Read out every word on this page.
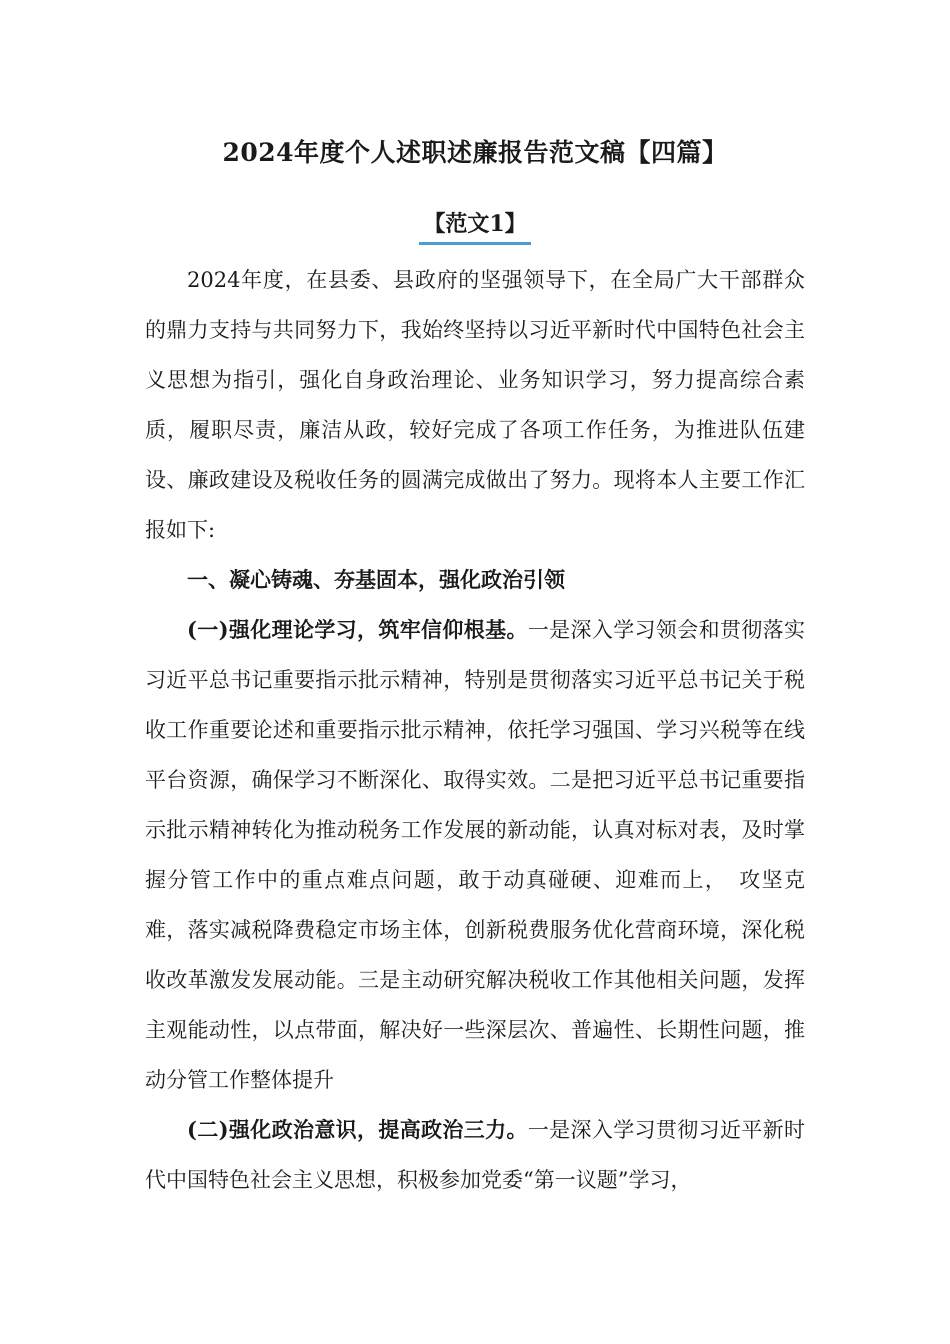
2024年度个人述职述廉报告范文稿【四篇】
【范文1】

2024年度，在县委、县政府的坚强领导下，在全局广大干部群众的鼎力支持与共同努力下，我始终坚持以习近平新时代中国特色社会主义思想为指引，强化自身政治理论、业务知识学习，努力提高综合素质，履职尽责，廉洁从政，较好完成了各项工作任务，为推进队伍建设、廉政建设及税收任务的圆满完成做出了努力。现将本人主要工作汇报如下:

一、凝心铸魂、夯基固本，强化政治引领

(一)强化理论学习，筑牢信仰根基。一是深入学习领会和贯彻落实习近平总书记重要指示批示精神，特别是贯彻落实习近平总书记关于税收工作重要论述和重要指示批示精神，依托学习强国、学习兴税等在线平台资源，确保学习不断深化、取得实效。二是把习近平总书记重要指示批示精神转化为推动税务工作发展的新动能，认真对标对表，及时掌握分管工作中的重点难点问题，敢于动真碰硬、迎难而上，　攻坚克难，落实减税降费稳定市场主体，创新税费服务优化营商环境，深化税收改革激发发展动能。三是主动研究解决税收工作其他相关问题，发挥主观能动性，以点带面，解决好一些深层次、普遍性、长期性问题，推动分管工作整体提升

(二)强化政治意识，提高政治三力。一是深入学习贯彻习近平新时代中国特色社会主义思想，积极参加党委“第一议题”学习，
